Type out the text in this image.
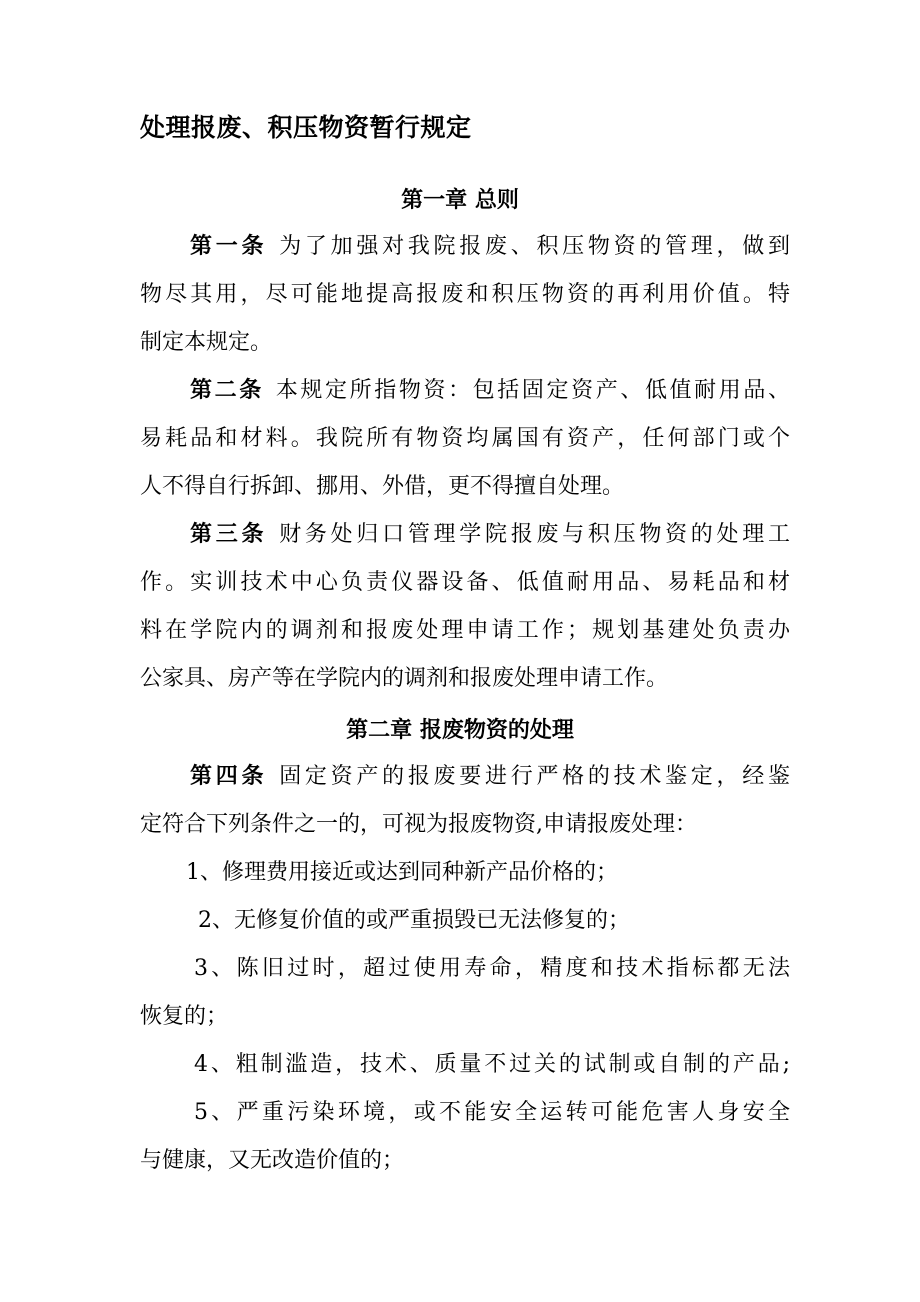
处理报废、积压物资暂行规定
第一章 总则
第一条 为了加强对我院报废、积压物资的管理，做到
物尽其用，尽可能地提高报废和积压物资的再利用价值。特
制定本规定。
第二条 本规定所指物资：包括固定资产、低值耐用品、
易耗品和材料。我院所有物资均属国有资产，任何部门或个
人不得自行拆卸、挪用、外借，更不得擅自处理。
第三条 财务处归口管理学院报废与积压物资的处理工
作。实训技术中心负责仪器设备、低值耐用品、易耗品和材
料在学院内的调剂和报废处理申请工作；规划基建处负责办
公家具、房产等在学院内的调剂和报废处理申请工作。
第二章 报废物资的处理
第四条 固定资产的报废要进行严格的技术鉴定，经鉴
定符合下列条件之一的，可视为报废物资,申请报废处理：
1、修理费用接近或达到同种新产品价格的；
2、无修复价值的或严重损毁已无法修复的；
3、陈旧过时，超过使用寿命，精度和技术指标都无法
恢复的；
4、粗制滥造，技术、质量不过关的试制或自制的产品;
5、严重污染环境，或不能安全运转可能危害人身安全
与健康，又无改造价值的；
